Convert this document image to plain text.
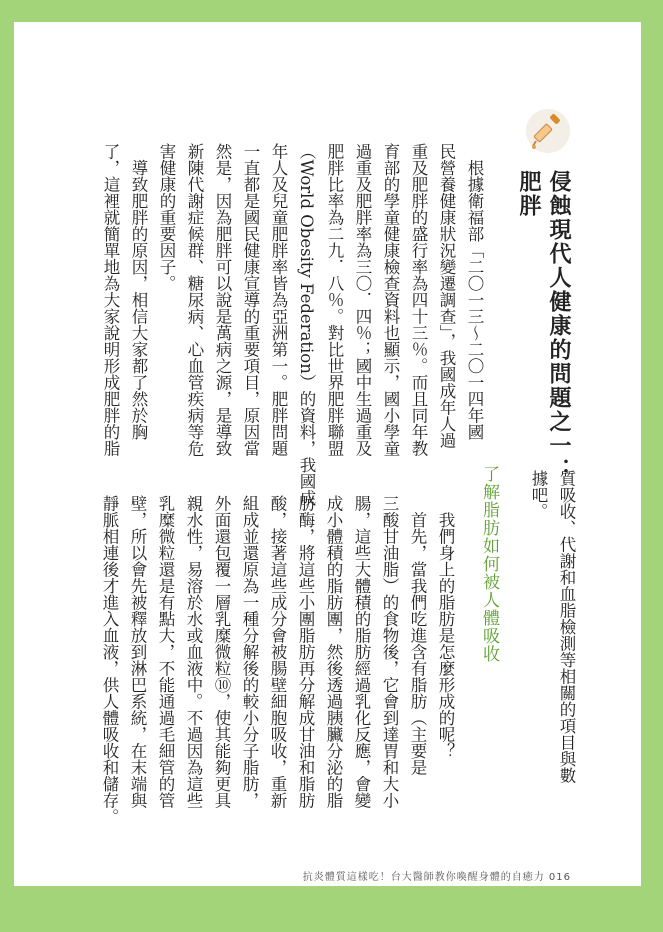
侵蝕現代人健康的問題之一：
肥胖
　根據衛福部「二〇一三～二〇一四年國
民營養健康狀況變遷調查」，我國成年人過
重及肥胖的盛行率為四十三％。而且同年教
育部的學童健康檢查資料也顯示，國小學童
過重及肥胖率為三〇．四％；國中生過重及
肥胖比率為二九．八％。對比世界肥胖聯盟
（World Obesity Federation）的資料，我國成
年人及兒童肥胖率皆為亞洲第一。肥胖問題
一直都是國民健康宣導的重要項目，原因當
然是，因為肥胖可以說是萬病之源，是導致
新陳代謝症候群、糖尿病、心血管疾病等危
害健康的重要因子。
　導致肥胖的原因，相信大家都了然於胸
了，這裡就簡單地為大家說明形成肥胖的脂
質吸收、代謝和血脂檢測等相關的項目與數
據吧。
了解脂肪如何被人體吸收
　我們身上的脂肪是怎麼形成的呢？
　首先，當我們吃進含有脂肪（主要是
三酸甘油脂）的食物後，它會到達胃和大小
腸，這些大體積的脂肪經過乳化反應，會變
成小體積的脂肪團，然後透過胰臟分泌的脂
肪酶，將這些小團脂肪再分解成甘油和脂肪
酸，接著這些成分會被腸壁細胞吸收，重新
組成並還原為一種分解後的較小分子脂肪，
外面還包覆一層乳糜微粒⑩，使其能夠更具
親水性，易溶於水或血液中。不過因為這些
乳糜微粒還是有點大，不能通過毛細管的管
壁，所以會先被釋放到淋巴系統，在末端與
靜脈相連後才進入血液，供人體吸收和儲存。
抗炎體質這樣吃！台大醫師教你喚醒身體的自癒力 016
